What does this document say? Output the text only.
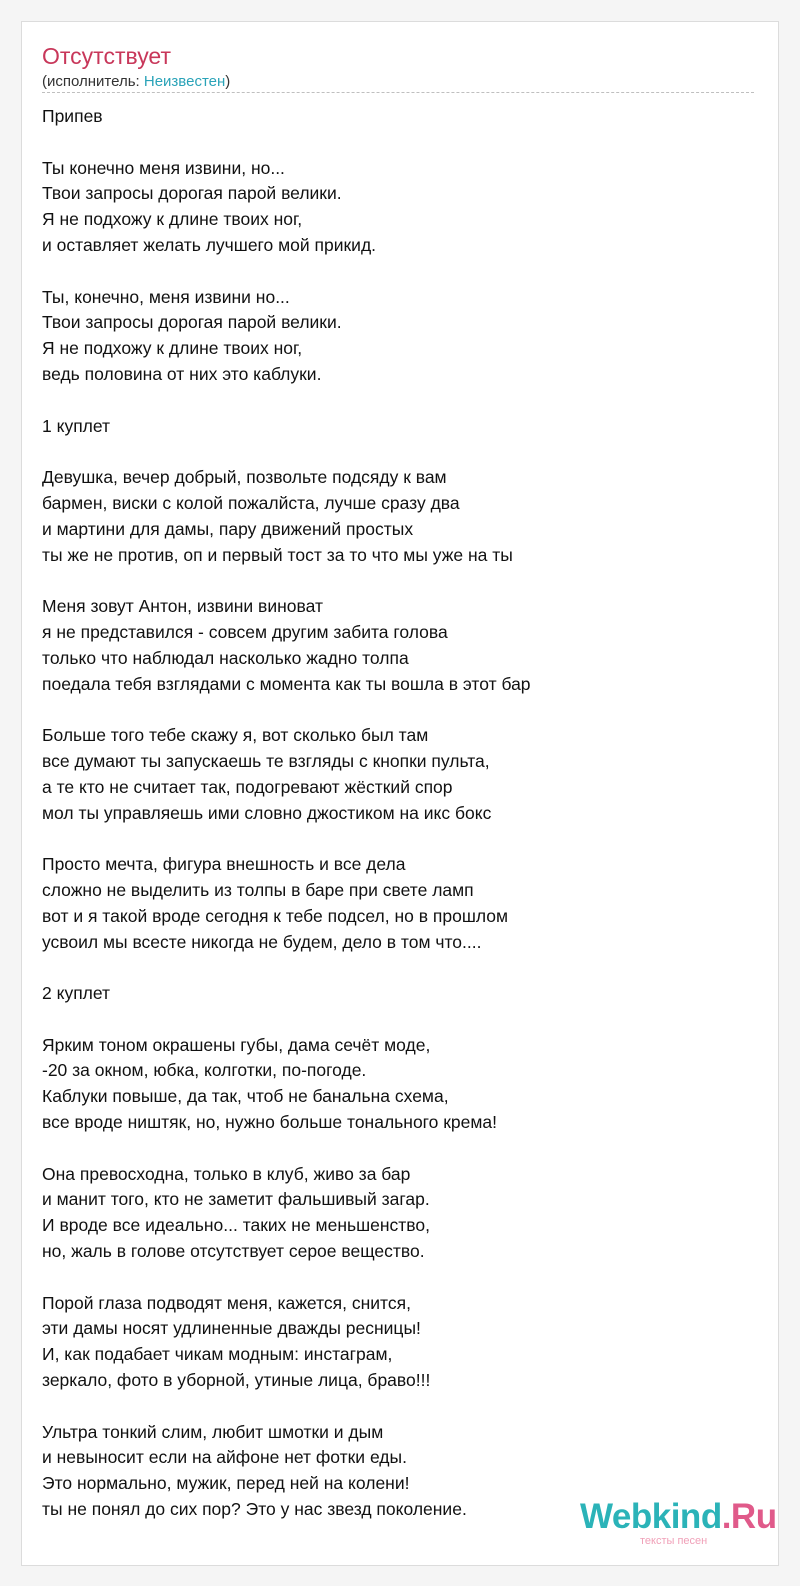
Отсутствует
(исполнитель: Неизвестен)
Припев
Ты конечно меня извини, но...
Твои запросы дорогая парой велики.
Я не подхожу к длине твоих ног,
и оставляет желать лучшего мой прикид.
Ты, конечно, меня извини но...
Твои запросы дорогая парой велики.
Я не подхожу к длине твоих ног,
ведь половина от них это каблуки.
1 куплет
Девушка, вечер добрый, позвольте подсяду к вам
бармен, виски с колой пожалйста, лучше сразу два
и мартини для дамы, пару движений простых
ты же не против, оп и первый тост за то что мы уже на ты
Меня зовут Антон, извини виноват
я не представился - совсем другим забита голова
только что наблюдал насколько жадно толпа
поедала тебя взглядами с момента как ты вошла в этот бар
Больше того тебе скажу я, вот сколько был там
все думают ты запускаешь те взгляды с кнопки пульта,
а те кто не считает так, подогревают жёсткий спор
мол ты управляешь ими словно джостиком на икс бокс
Просто мечта, фигура внешность и все дела
сложно не выделить из толпы в баре при свете ламп
вот и я такой вроде сегодня к тебе подсел, но в прошлом
усвоил мы всесте никогда не будем, дело в том что....
2 куплет
Ярким тоном окрашены губы, дама сечёт моде,
-20 за окном, юбка, колготки, по-погоде.
Каблуки повыше, да так, чтоб не банальна схема,
все вроде ништяк, но, нужно больше тонального крема!
Она превосходна, только в клуб, живо за бар
и манит того, кто не заметит фальшивый загар.
И вроде все идеально... таких не меньшенство,
но, жаль в голове отсутствует серое вещество.
Порой глаза подводят меня, кажется, снится,
эти дамы носят удлиненные дважды ресницы!
И, как подабает чикам модным: инстаграм,
зеркало, фото в уборной, утиные лица, браво!!!
Ультра тонкий слим, любит шмотки и дым
и невыносит если на айфоне нет фотки еды.
Это нормально, мужик, перед ней на колени!
ты не понял до сих пор? Это у нас звезд поколение.	Webkind.Ru
тексты песен
